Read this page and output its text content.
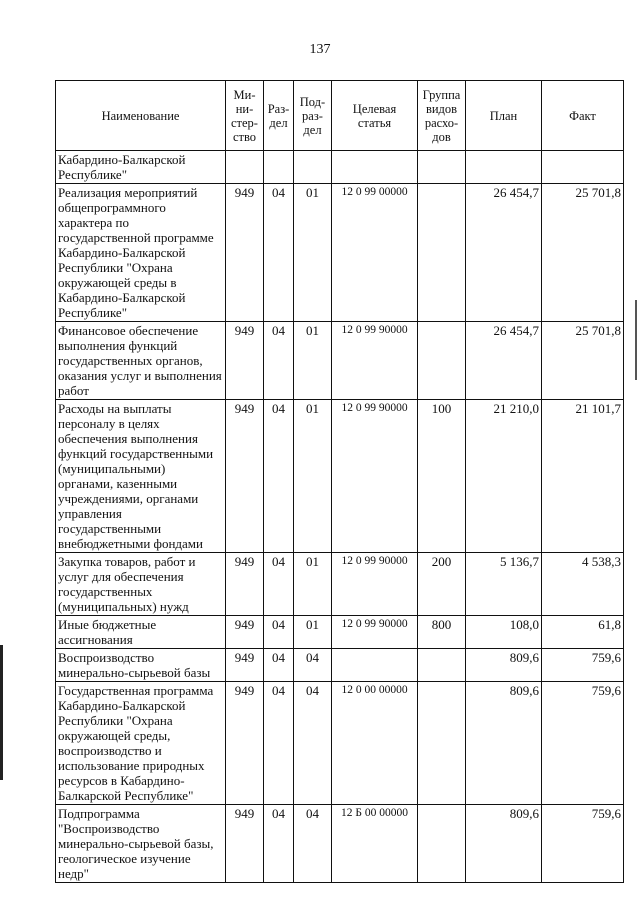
137
Наименование	Ми-
ни-
стер-
ство	Раз-
дел	Под-
раз-
дел	Целевая
статья	Группа
видов
расхо-
дов	План	Факт
Кабардино-Балкарской Республике"							
Реализация мероприятий общепрограммного характера по государственной программе Кабардино-Балкарской Республики "Охрана окружающей среды в Кабардино-Балкарской Республике"	949	04	01	12 0 99 00000		26 454,7	25 701,8
Финансовое обеспечение выполнения функций государственных органов, оказания услуг и выполнения работ	949	04	01	12 0 99 90000		26 454,7	25 701,8
Расходы на выплаты персоналу в целях обеспечения выполнения функций государственными (муниципальными) органами, казенными учреждениями, органами управления государственными внебюджетными фондами	949	04	01	12 0 99 90000	100	21 210,0	21 101,7
Закупка товаров, работ и услуг для обеспечения государственных (муниципальных) нужд	949	04	01	12 0 99 90000	200	5 136,7	4 538,3
Иные бюджетные ассигнования	949	04	01	12 0 99 90000	800	108,0	61,8
Воспроизводство минерально-сырьевой базы	949	04	04			809,6	759,6
Государственная программа Кабардино-Балкарской Республики "Охрана окружающей среды, воспроизводство и использование природных ресурсов в Кабардино-Балкарской Республике"	949	04	04	12 0 00 00000		809,6	759,6
Подпрограмма "Воспроизводство минерально-сырьевой базы, геологическое изучение недр"	949	04	04	12 Б 00 00000		809,6	759,6
